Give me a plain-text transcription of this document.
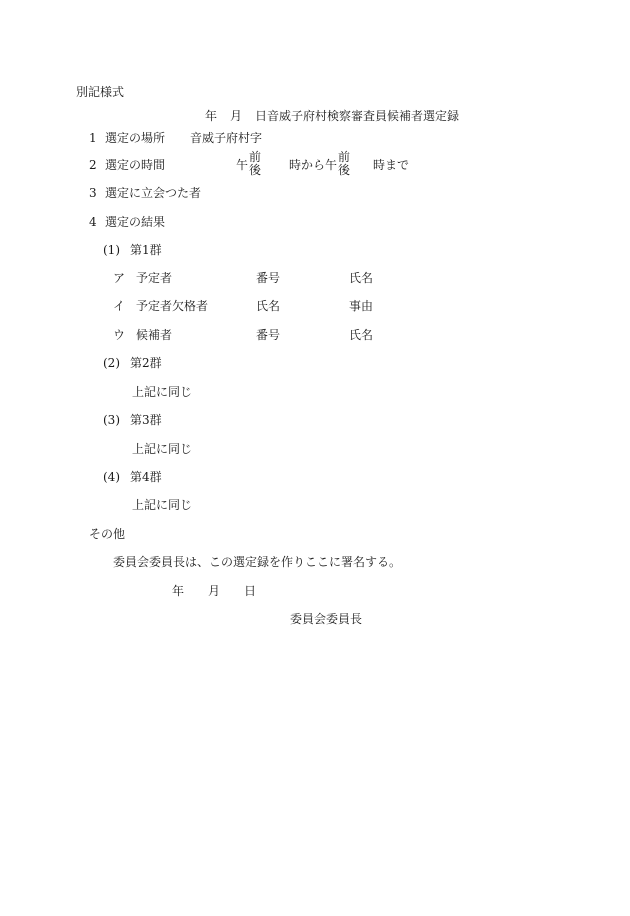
別記様式
年 月 日音威子府村検察審査員候補者選定録
1 選定の場所 音威子府村字
2 選定の時間	午
前
後 時から午
前
後 時まで
3 選定に立会つた者
4 選定の結果
(1) 第1群
ア 予定者	番号	氏名
イ 予定者欠格者	氏名	事由
ウ 候補者	番号	氏名
(2) 第2群
上記に同じ
(3) 第3群
上記に同じ
(4) 第4群
上記に同じ
その他
委員会委員長は、この選定録を作りここに署名する。
年 月 日
委員会委員長
